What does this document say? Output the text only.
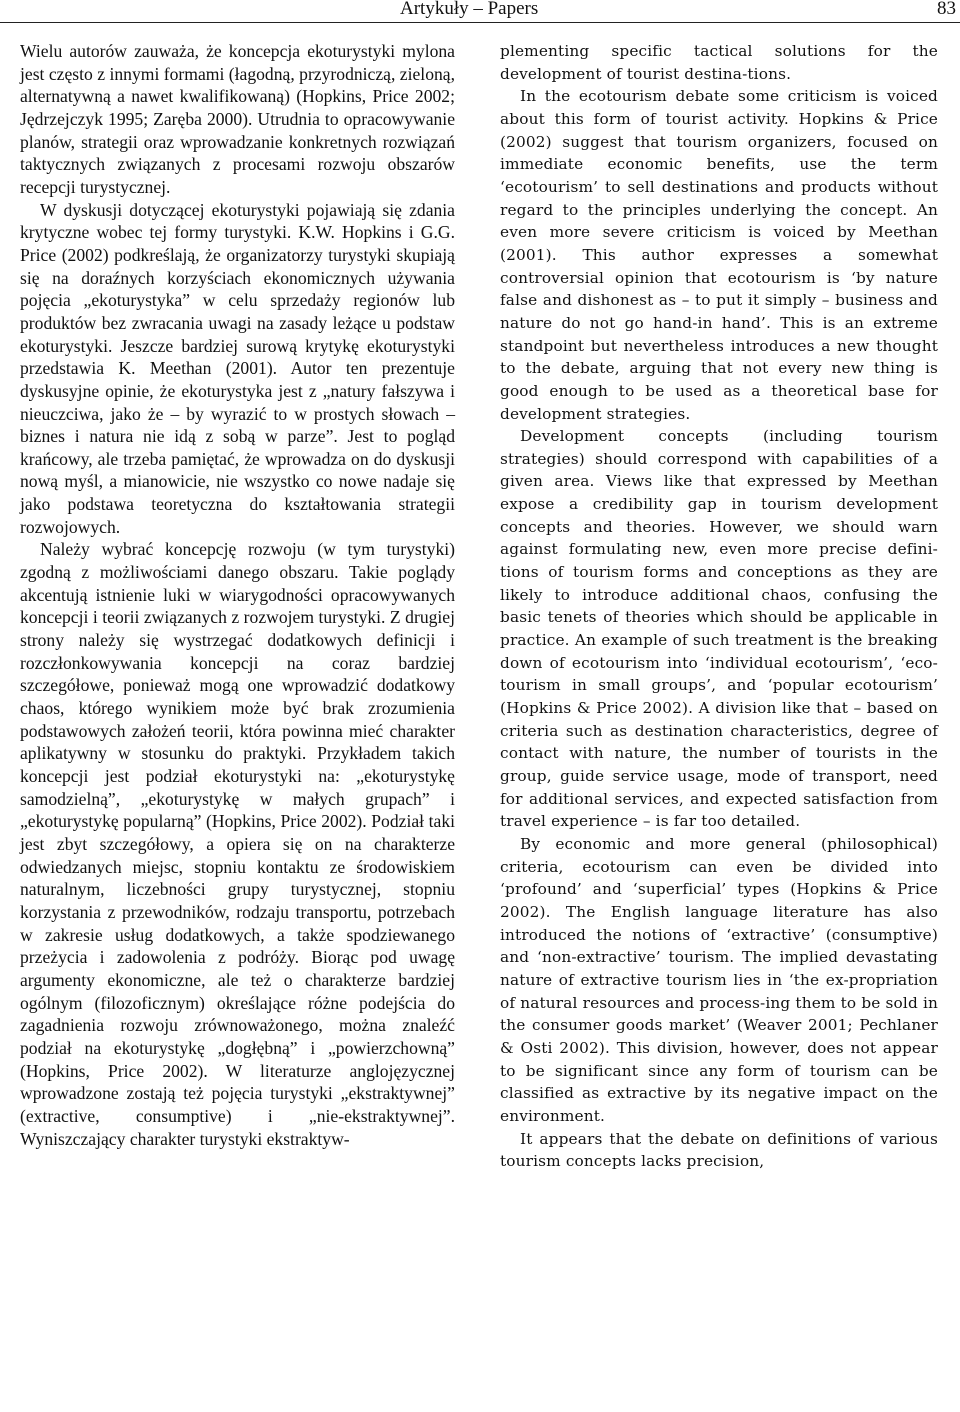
Artykuły – Papers	83

Wielu autorów zauważa, że koncepcja ekoturystyki mylona jest często z innymi formami (łagodną, przyrodniczą, zieloną, alternatywną a nawet kwalifikowaną) (Hopkins, Price 2002; Jędrzejczyk 1995; Zaręba 2000). Utrudnia to opracowywanie planów, strategii oraz wprowadzanie konkretnych rozwiązań taktycznych związanych z procesami rozwoju obszarów recepcji turystycznej.

W dyskusji dotyczącej ekoturystyki pojawiają się zdania krytyczne wobec tej formy turystyki. K.W. Hopkins i G.G. Price (2002) podkreślają, że organizatorzy turystyki skupiają się na doraźnych korzyściach ekonomicznych używania pojęcia „ekoturystyka” w celu sprzedaży regionów lub produktów bez zwracania uwagi na zasady leżące u podstaw ekoturystyki. Jeszcze bardziej surową krytykę ekoturystyki przedstawia K. Meethan (2001). Autor ten prezentuje dyskusyjne opinie, że ekoturystyka jest z „natury fałszywa i nieuczciwa, jako że – by wyrazić to w prostych słowach – biznes i natura nie idą z sobą w parze”. Jest to pogląd krańcowy, ale trzeba pamiętać, że wprowadza on do dyskusji nową myśl, a mianowicie, nie wszystko co nowe nadaje się jako podstawa teoretyczna do kształtowania strategii rozwojowych.

Należy wybrać koncepcję rozwoju (w tym turystyki) zgodną z możliwościami danego obszaru. Takie poglądy akcentują istnienie luki w wiarygodności opracowywanych koncepcji i teorii związanych z rozwojem turystyki. Z drugiej strony należy się wystrzegać dodatkowych definicji i rozczłonkowywania koncepcji na coraz bardziej szczegółowe, ponieważ mogą one wprowadzić dodatkowy chaos, którego wynikiem może być brak zrozumienia podstawowych założeń teorii, która powinna mieć charakter aplikatywny w stosunku do praktyki. Przykładem takich koncepcji jest podział ekoturystyki na: „ekoturystykę samodzielną”, „ekoturystykę w małych grupach” i „ekoturystykę popularną” (Hopkins, Price 2002). Podział taki jest zbyt szczegółowy, a opiera się on na charakterze odwiedzanych miejsc, stopniu kontaktu ze środowiskiem naturalnym, liczebności grupy turystycznej, stopniu korzystania z przewodników, rodzaju transportu, potrzebach w zakresie usług dodatkowych, a także spodziewanego przeżycia i zadowolenia z podróży. Biorąc pod uwagę argumenty ekonomiczne, ale też o charakterze bardziej ogólnym (filozoficznym) określające różne podejścia do zagadnienia rozwoju zrównoważonego, można znaleźć podział na ekoturystykę „dogłębną” i „powierzchowną” (Hopkins, Price 2002). W literaturze anglojęzycznej wprowadzone zostają też pojęcia turystyki „ekstraktywnej” (extractive, consumptive) i „nie-ekstraktywnej”. Wyniszczający charakter turystyki ekstraktyw-

plementing specific tactical solutions for the development of tourist destina-tions.

In the ecotourism debate some criticism is voiced about this form of tourist activity. Hopkins & Price (2002) suggest that tourism organizers, focused on immediate economic benefits, use the term ‘ecotourism’ to sell destinations and products without regard to the principles underlying the concept. An even more severe criticism is voiced by Meethan (2001). This author expresses a somewhat controversial opinion that ecotourism is ‘by nature false and dishonest as – to put it simply – business and nature do not go hand-in hand’. This is an extreme standpoint but nevertheless introduces a new thought to the debate, arguing that not every new thing is good enough to be used as a theoretical base for development strategies.

Development concepts (including tourism strategies) should correspond with capabilities of a given area. Views like that expressed by Meethan expose a credibility gap in tourism development concepts and theories. However, we should warn against formulating new, even more precise defini-tions of tourism forms and conceptions as they are likely to introduce additional chaos, confusing the basic tenets of theories which should be applicable in practice. An example of such treatment is the breaking down of ecotourism into ‘individual ecotourism’, ‘eco-tourism in small groups’, and ‘popular ecotourism’ (Hopkins & Price 2002). A division like that – based on criteria such as destination characteristics, degree of contact with nature, the number of tourists in the group, guide service usage, mode of transport, need for additional services, and expected satisfaction from travel experience – is far too detailed.

By economic and more general (philosophical) criteria, ecotourism can even be divided into ‘profound’ and ‘superficial’ types (Hopkins & Price 2002). The English language literature has also introduced the notions of ‘extractive’ (consumptive) and ‘non-extractive’ tourism. The implied devastating nature of extractive tourism lies in ‘the ex-propriation of natural resources and process-ing them to be sold in the consumer goods market’ (Weaver 2001; Pechlaner & Osti 2002). This division, however, does not appear to be significant since any form of tourism can be classified as extractive by its negative impact on the environment.

It appears that the debate on definitions of various tourism concepts lacks precision,
